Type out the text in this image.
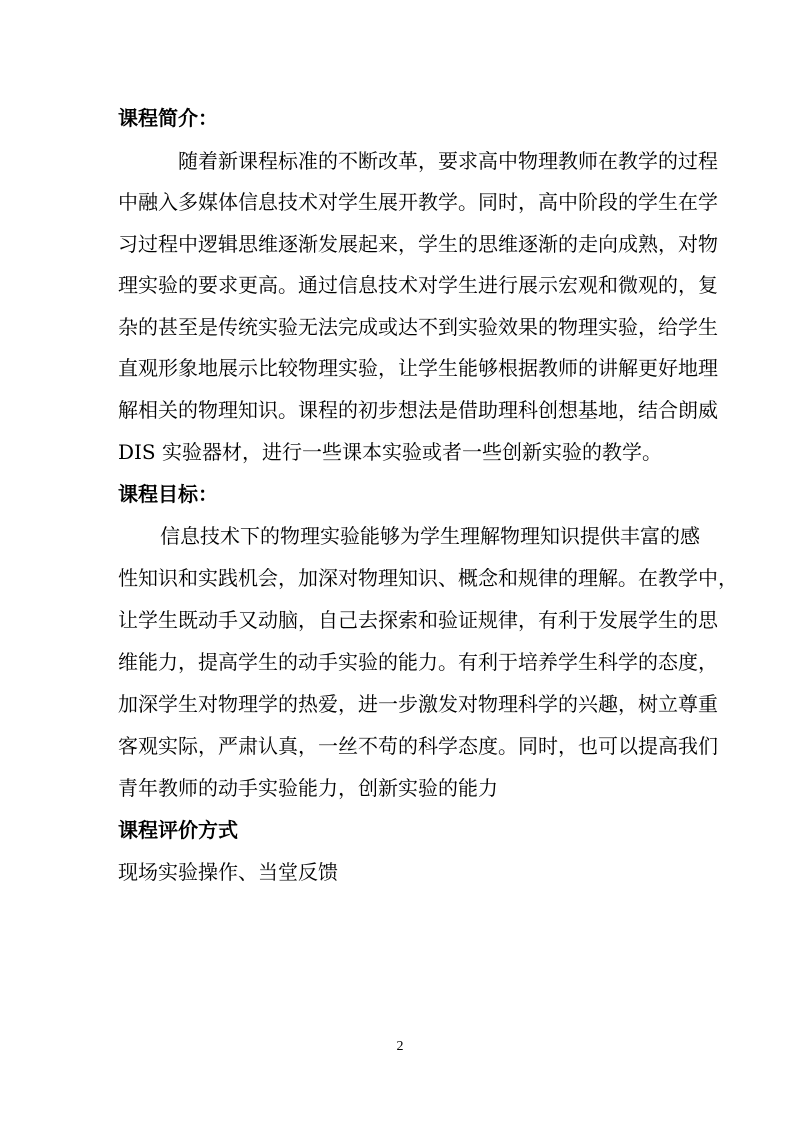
课程简介：

随着新课程标准的不断改革，要求高中物理教师在教学的过程

中融入多媒体信息技术对学生展开教学。同时，高中阶段的学生在学

习过程中逻辑思维逐渐发展起来，学生的思维逐渐的走向成熟，对物

理实验的要求更高。通过信息技术对学生进行展示宏观和微观的，复

杂的甚至是传统实验无法完成或达不到实验效果的物理实验，给学生

直观形象地展示比较物理实验，让学生能够根据教师的讲解更好地理

解相关的物理知识。课程的初步想法是借助理科创想基地，结合朗威

DIS 实验器材，进行一些课本实验或者一些创新实验的教学。

课程目标：

信息技术下的物理实验能够为学生理解物理知识提供丰富的感

性知识和实践机会，加深对物理知识、概念和规律的理解。在教学中，

让学生既动手又动脑，自己去探索和验证规律，有利于发展学生的思

维能力，提高学生的动手实验的能力。有利于培养学生科学的态度，

加深学生对物理学的热爱，进一步激发对物理科学的兴趣，树立尊重

客观实际，严肃认真，一丝不苟的科学态度。同时，也可以提高我们

青年教师的动手实验能力，创新实验的能力

课程评价方式

现场实验操作、当堂反馈

2
